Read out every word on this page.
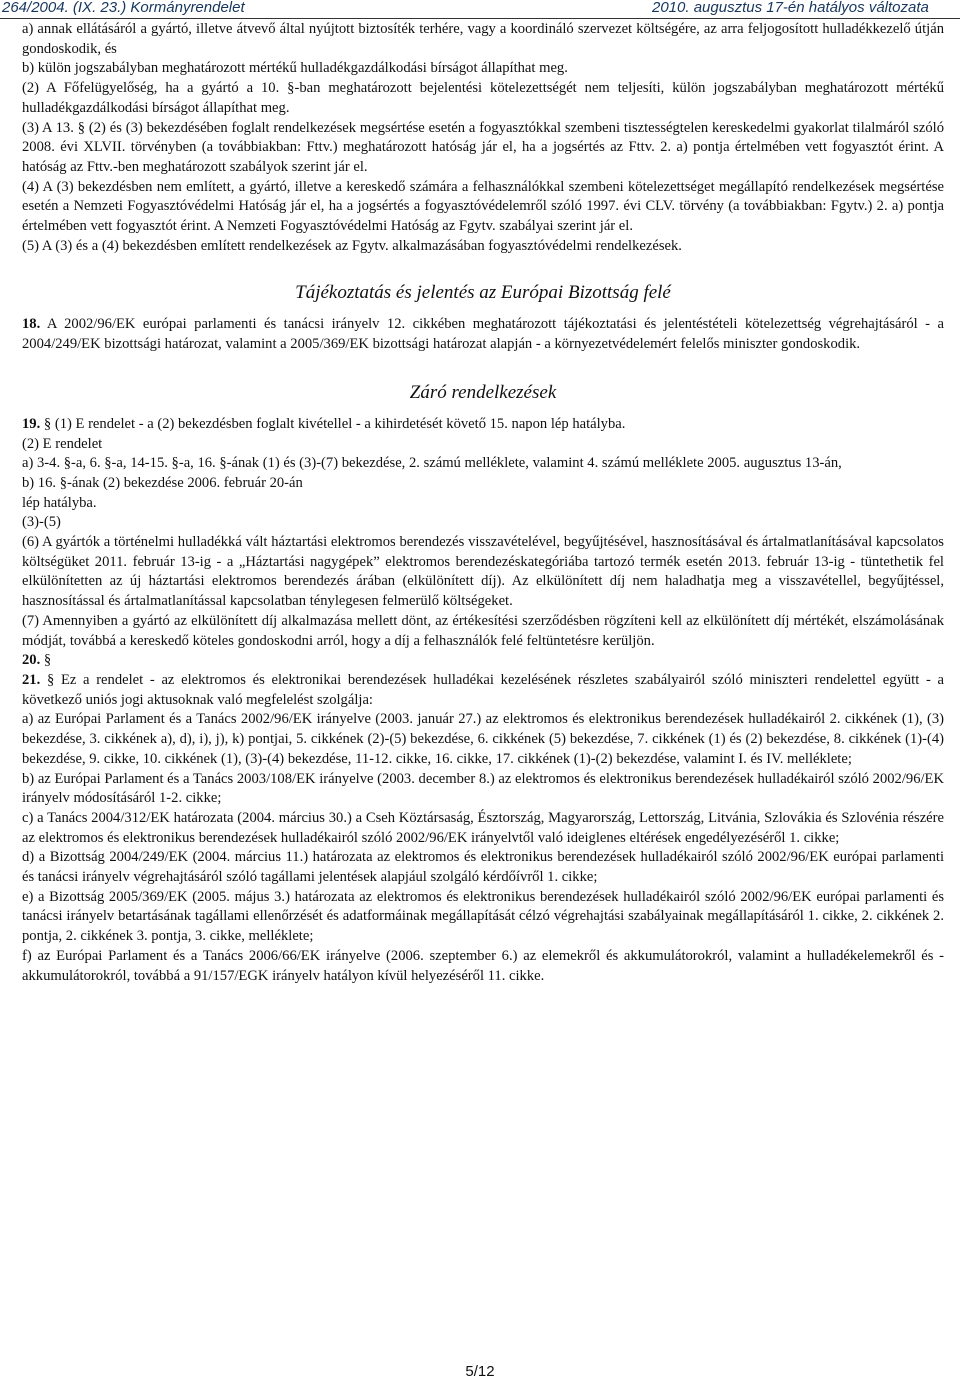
264/2004. (IX. 23.) Kormányrendelet	2010. augusztus 17-én hatályos változata

a) annak ellátásáról a gyártó, illetve átvevő által nyújtott biztosíték terhére, vagy a koordináló szervezet költségére, az arra feljogosított hulladékkezelő útján gondoskodik, és

b) külön jogszabályban meghatározott mértékű hulladékgazdálkodási bírságot állapíthat meg.

(2) A Főfelügyelőség, ha a gyártó a 10. §-ban meghatározott bejelentési kötelezettségét nem teljesíti, külön jogszabályban meghatározott mértékű hulladékgazdálkodási bírságot állapíthat meg.

(3) A 13. § (2) és (3) bekezdésében foglalt rendelkezések megsértése esetén a fogyasztókkal szembeni tisztességtelen kereskedelmi gyakorlat tilalmáról szóló 2008. évi XLVII. törvényben (a továbbiakban: Fttv.) meghatározott hatóság jár el, ha a jogsértés az Fttv. 2. a) pontja értelmében vett fogyasztót érint. A hatóság az Fttv.-ben meghatározott szabályok szerint jár el.

(4) A (3) bekezdésben nem említett, a gyártó, illetve a kereskedő számára a felhasználókkal szembeni kötelezettséget megállapító rendelkezések megsértése esetén a Nemzeti Fogyasztóvédelmi Hatóság jár el, ha a jogsértés a fogyasztóvédelemről szóló 1997. évi CLV. törvény (a továbbiakban: Fgytv.) 2. a) pontja értelmében vett fogyasztót érint. A Nemzeti Fogyasztóvédelmi Hatóság az Fgytv. szabályai szerint jár el.

(5) A (3) és a (4) bekezdésben említett rendelkezések az Fgytv. alkalmazásában fogyasztóvédelmi rendelkezések.

Tájékoztatás és jelentés az Európai Bizottság felé

18. A 2002/96/EK európai parlamenti és tanácsi irányelv 12. cikkében meghatározott tájékoztatási és jelentéstételi kötelezettség végrehajtásáról - a 2004/249/EK bizottsági határozat, valamint a 2005/369/EK bizottsági határozat alapján - a környezetvédelemért felelős miniszter gondoskodik.

Záró rendelkezések

19. § (1) E rendelet - a (2) bekezdésben foglalt kivétellel - a kihirdetését követő 15. napon lép hatályba.

(2) E rendelet

a) 3-4. §-a, 6. §-a, 14-15. §-a, 16. §-ának (1) és (3)-(7) bekezdése, 2. számú melléklete, valamint 4. számú melléklete 2005. augusztus 13-án,

b) 16. §-ának (2) bekezdése 2006. február 20-án

lép hatályba.

(3)-(5)

(6) A gyártók a történelmi hulladékká vált háztartási elektromos berendezés visszavételével, begyűjtésével, hasznosításával és ártalmatlanításával kapcsolatos költségüket 2011. február 13-ig - a „Háztartási nagygépek” elektromos berendezéskategóriába tartozó termék esetén 2013. február 13-ig - tüntethetik fel elkülönítetten az új háztartási elektromos berendezés árában (elkülönített díj). Az elkülönített díj nem haladhatja meg a visszavétellel, begyűjtéssel, hasznosítással és ártalmatlanítással kapcsolatban ténylegesen felmerülő költségeket.

(7) Amennyiben a gyártó az elkülönített díj alkalmazása mellett dönt, az értékesítési szerződésben rögzíteni kell az elkülönített díj mértékét, elszámolásának módját, továbbá a kereskedő köteles gondoskodni arról, hogy a díj a felhasználók felé feltüntetésre kerüljön.

20. §

21. § Ez a rendelet - az elektromos és elektronikai berendezések hulladékai kezelésének részletes szabályairól szóló miniszteri rendelettel együtt - a következő uniós jogi aktusoknak való megfelelést szolgálja:

a) az Európai Parlament és a Tanács 2002/96/EK irányelve (2003. január 27.) az elektromos és elektronikus berendezések hulladékairól 2. cikkének (1), (3) bekezdése, 3. cikkének a), d), i), j), k) pontjai, 5. cikkének (2)-(5) bekezdése, 6. cikkének (5) bekezdése, 7. cikkének (1) és (2) bekezdése, 8. cikkének (1)-(4) bekezdése, 9. cikke, 10. cikkének (1), (3)-(4) bekezdése, 11-12. cikke, 16. cikke, 17. cikkének (1)-(2) bekezdése, valamint I. és IV. melléklete;

b) az Európai Parlament és a Tanács 2003/108/EK irányelve (2003. december 8.) az elektromos és elektronikus berendezések hulladékairól szóló 2002/96/EK irányelv módosításáról 1-2. cikke;

c) a Tanács 2004/312/EK határozata (2004. március 30.) a Cseh Köztársaság, Észtország, Magyarország, Lettország, Litvánia, Szlovákia és Szlovénia részére az elektromos és elektronikus berendezések hulladékairól szóló 2002/96/EK irányelvtől való ideiglenes eltérések engedélyezéséről 1. cikke;

d) a Bizottság 2004/249/EK (2004. március 11.) határozata az elektromos és elektronikus berendezések hulladékairól szóló 2002/96/EK európai parlamenti és tanácsi irányelv végrehajtásáról szóló tagállami jelentések alapjául szolgáló kérdőívről 1. cikke;

e) a Bizottság 2005/369/EK (2005. május 3.) határozata az elektromos és elektronikus berendezések hulladékairól szóló 2002/96/EK európai parlamenti és tanácsi irányelv betartásának tagállami ellenőrzését és adatformáinak megállapítását célzó végrehajtási szabályainak megállapításáról 1. cikke, 2. cikkének 2. pontja, 2. cikkének 3. pontja, 3. cikke, melléklete;

f) az Európai Parlament és a Tanács 2006/66/EK irányelve (2006. szeptember 6.) az elemekről és akkumulátorokról, valamint a hulladékelemekről és -akkumulátorokról, továbbá a 91/157/EGK irányelv hatályon kívül helyezéséről 11. cikke.

5/12
